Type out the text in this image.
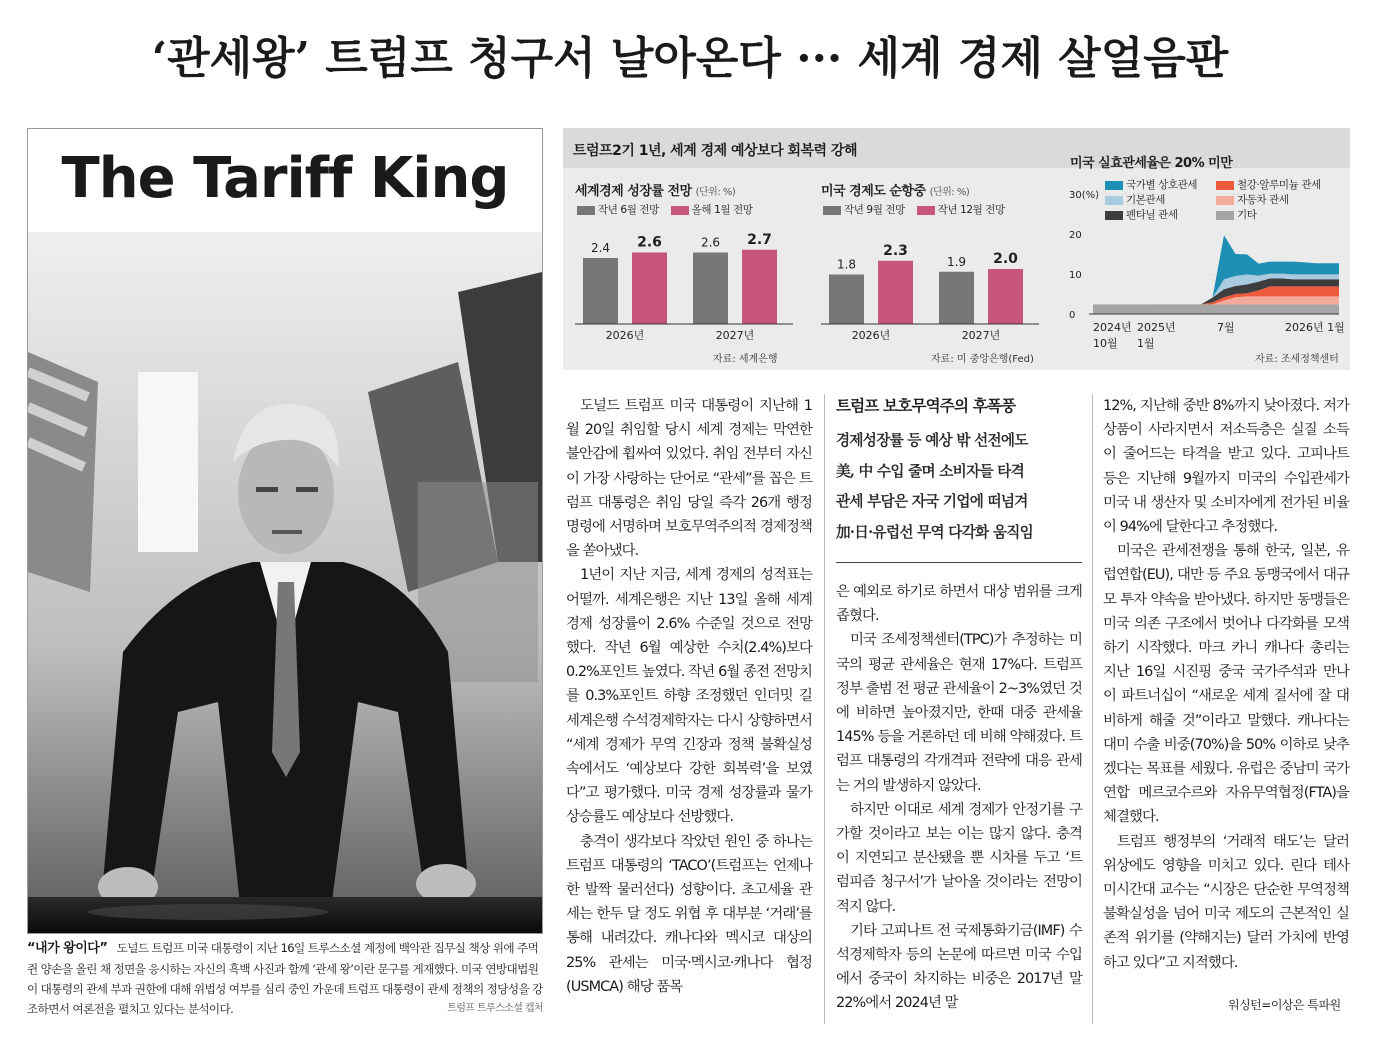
‘관세왕’ 트럼프 청구서 날아온다 ··· 세계 경제 살얼음판
The Tariff King
“내가 왕이다” 도널드 트럼프 미국 대통령이 지난 16일 트루스소셜 계정에 백악관 집무실 책상 위에 주먹 쥔 양손을 올린 채 정면을 응시하는 자신의 흑백 사진과 함께 ‘관세 왕’이란 문구를 게재했다. 미국 연방대법원이 대통령의 관세 부과 권한에 대해 위법성 여부를 심리 중인 가운데 트럼프 대통령이 관세 정책의 정당성을 강조하면서 여론전을 펼치고 있다는 분석이다.	트럼프 트루스소셜 캡처
트럼프2기 1년, 세계 경제 예상보다 회복력 강해
세계경제 성장률 전망 (단위: %)
작년 6월 전망	올해 1월 전망
2.4 2.6
2026년
2.6 2.7
2027년
자료: 세계은행
미국 경제도 순항중 (단위: %)
작년 9월 전망	작년 12월 전망
1.8
2.3
2026년
1.9 2.0
2027년
자료: 미 중앙은행(Fed)
미국 실효관세율은 20% 미만
국가별 상호관세	철강·알루미늄 관세
기본관세	자동차 관세
펜타닐 관세	기타
30(%)
20
10
0
2024년
10월
2025년
1월
7월	2026년 1월
자료: 조세정책센터

도널드 트럼프 미국 대통령이 지난해 1월 20일 취임할 당시 세계 경제는 막연한 불안감에 휩싸여 있었다. 취임 전부터 자신이 가장 사랑하는 단어로 “관세”를 꼽은 트럼프 대통령은 취임 당일 즉각 26개 행정명령에 서명하며 보호무역주의적 경제정책을 쏟아냈다.

1년이 지난 지금, 세계 경제의 성적표는 어떨까. 세계은행은 지난 13일 올해 세계 경제 성장률이 2.6% 수준일 것으로 전망했다. 작년 6월 예상한 수치(2.4%)보다 0.2%포인트 높였다. 작년 6월 종전 전망치를 0.3%포인트 하향 조정했던 인더밋 길 세계은행 수석경제학자는 다시 상향하면서 “세계 경제가 무역 긴장과 정책 불확실성 속에서도 ‘예상보다 강한 회복력’을 보였다”고 평가했다. 미국 경제 성장률과 물가상승률도 예상보다 선방했다.

충격이 생각보다 작았던 원인 중 하나는 트럼프 대통령의 ‘TACO’(트럼프는 언제나 한 발짝 물러선다) 성향이다. 초고세율 관세는 한두 달 정도 위협 후 대부분 ‘거래’를 통해 내려갔다. 캐나다와 멕시코 대상의 25% 관세는 미국·멕시코·캐나다 협정(USMCA) 해당 품목

트럼프 보호무역주의 후폭풍
경제성장률 등 예상 밖 선전에도
美, 中 수입 줄며 소비자들 타격
관세 부담은 자국 기업에 떠넘겨
加·日·유럽선 무역 다각화 움직임

은 예외로 하기로 하면서 대상 범위를 크게 좁혔다.

미국 조세정책센터(TPC)가 추정하는 미국의 평균 관세율은 현재 17%다. 트럼프 정부 출범 전 평균 관세율이 2~3%였던 것에 비하면 높아졌지만, 한때 대중 관세율 145% 등을 거론하던 데 비해 약해졌다. 트럼프 대통령의 각개격파 전략에 대응 관세는 거의 발생하지 않았다.

하지만 이대로 세계 경제가 안정기를 구가할 것이라고 보는 이는 많지 않다. 충격이 지연되고 분산됐을 뿐 시차를 두고 ‘트럼피즘 청구서’가 날아올 것이라는 전망이 적지 않다.

기타 고피나트 전 국제통화기금(IMF) 수석경제학자 등의 논문에 따르면 미국 수입에서 중국이 차지하는 비중은 2017년 말 22%에서 2024년 말

12%, 지난해 중반 8%까지 낮아졌다. 저가 상품이 사라지면서 저소득층은 실질 소득이 줄어드는 타격을 받고 있다. 고피나트 등은 지난해 9월까지 미국의 수입관세가 미국 내 생산자 및 소비자에게 전가된 비율이 94%에 달한다고 추정했다.

미국은 관세전쟁을 통해 한국, 일본, 유럽연합(EU), 대만 등 주요 동맹국에서 대규모 투자 약속을 받아냈다. 하지만 동맹들은 미국 의존 구조에서 벗어나 다각화를 모색하기 시작했다. 마크 카니 캐나다 총리는 지난 16일 시진핑 중국 국가주석과 만나 이 파트너십이 “새로운 세계 질서에 잘 대비하게 해줄 것”이라고 말했다. 캐나다는 대미 수출 비중(70%)을 50% 이하로 낮추겠다는 목표를 세웠다. 유럽은 중남미 국가 연합 메르코수르와 자유무역협정(FTA)을 체결했다.

트럼프 행정부의 ‘거래적 태도’는 달러 위상에도 영향을 미치고 있다. 린다 테사 미시간대 교수는 “시장은 단순한 무역정책 불확실성을 넘어 미국 제도의 근본적인 실존적 위기를 (약해지는) 달러 가치에 반영하고 있다”고 지적했다.

워싱턴=이상은 특파원
